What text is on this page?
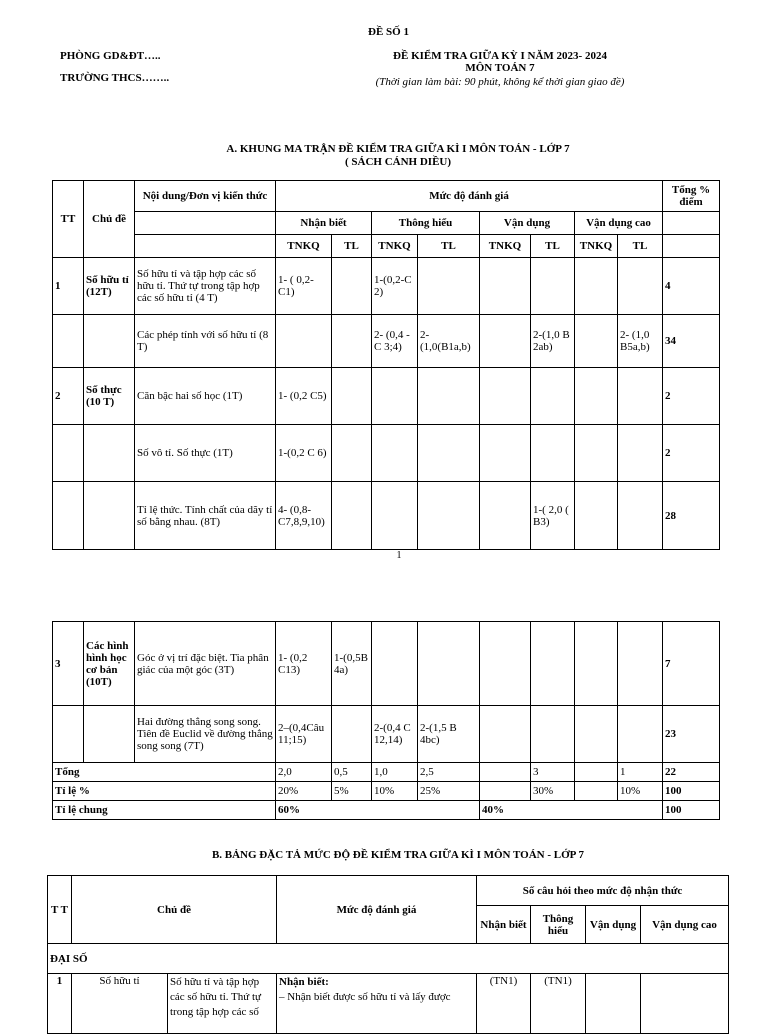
ĐỀ SỐ 1
PHÒNG GD&ĐT…..
TRƯỜNG THCS……..
ĐỀ KIỂM TRA GIỮA KỲ I NĂM 2023- 2024
MÔN TOÁN 7
(Thời gian làm bài: 90 phút, không kể thời gian giao đề)
A. KHUNG MA TRẬN ĐỀ KIỂM TRA GIỮA KÌ I MÔN TOÁN - LỚP 7
( SÁCH CÁNH DIỀU)
TT	Chủ đề	Nội dung/Đơn vị kiến thức	Mức độ đánh giá								Tổng % điểm
			Nhận biết		Thông hiểu		Vận dụng		Vận dụng cao		
			TNKQ	TL	TNKQ	TL	TNKQ	TL	TNKQ	TL	
1	Số hữu tỉ (12T)	Số hữu tỉ và tập hợp các số hữu tỉ. Thứ tự trong tập hợp các số hữu tỉ (4 T)	1- ( 0,2- C1)		1-(0,2-C 2)						4
		Các phép tính với số hữu tỉ (8 T)			2- (0,4 - C 3;4)	2- (1,0(B1a,b)		2-(1,0 B 2ab)		2- (1,0 B5a,b)	34
2	Số thực (10 T)	Căn bậc hai số học (1T)	1- (0,2 C5)								2
		Số vô tỉ. Số thực (1T)	1-(0,2 C 6)								2
		Tỉ lệ thức. Tính chất của dãy tỉ số bằng nhau. (8T)	4- (0,8- C7,8,9,10)					1-( 2,0 ( B3)			28
1
3	Các hình hình học cơ bản (10T)	Góc ở vị trí đặc biệt. Tia phân giác của một góc (3T)	1- (0,2 C13)	1-(0,5B 4a)							7
		Hai đường thẳng song song. Tiên đề Euclid về đường thẳng song song (7T)	2–(0,4Câu 11;15)		2-(0,4 C 12,14)	2-(1,5 B 4bc)					23
Tổng			2,0	0,5	1,0	2,5		3		1	22
Tỉ lệ %			20%	5%	10%	25%		30%		10%	100
Tỉ lệ chung			60%				40%				100
B. BẢNG ĐẶC TẢ MỨC ĐỘ ĐỀ KIỂM TRA GIỮA KÌ I MÔN TOÁN - LỚP 7
T T	Chủ đề		Mức độ đánh giá	Số câu hỏi theo mức độ nhận thức			
				Nhận biết	Thông hiểu	Vận dụng	Vận dụng cao
ĐẠI SỐ							
1	Số hữu tỉ	Số hữu tỉ và tập hợp các số hữu tỉ. Thứ tự trong tập hợp các số	Nhận biết:
– Nhận biết được số hữu tỉ và lấy được	(TN1)	(TN1)		
